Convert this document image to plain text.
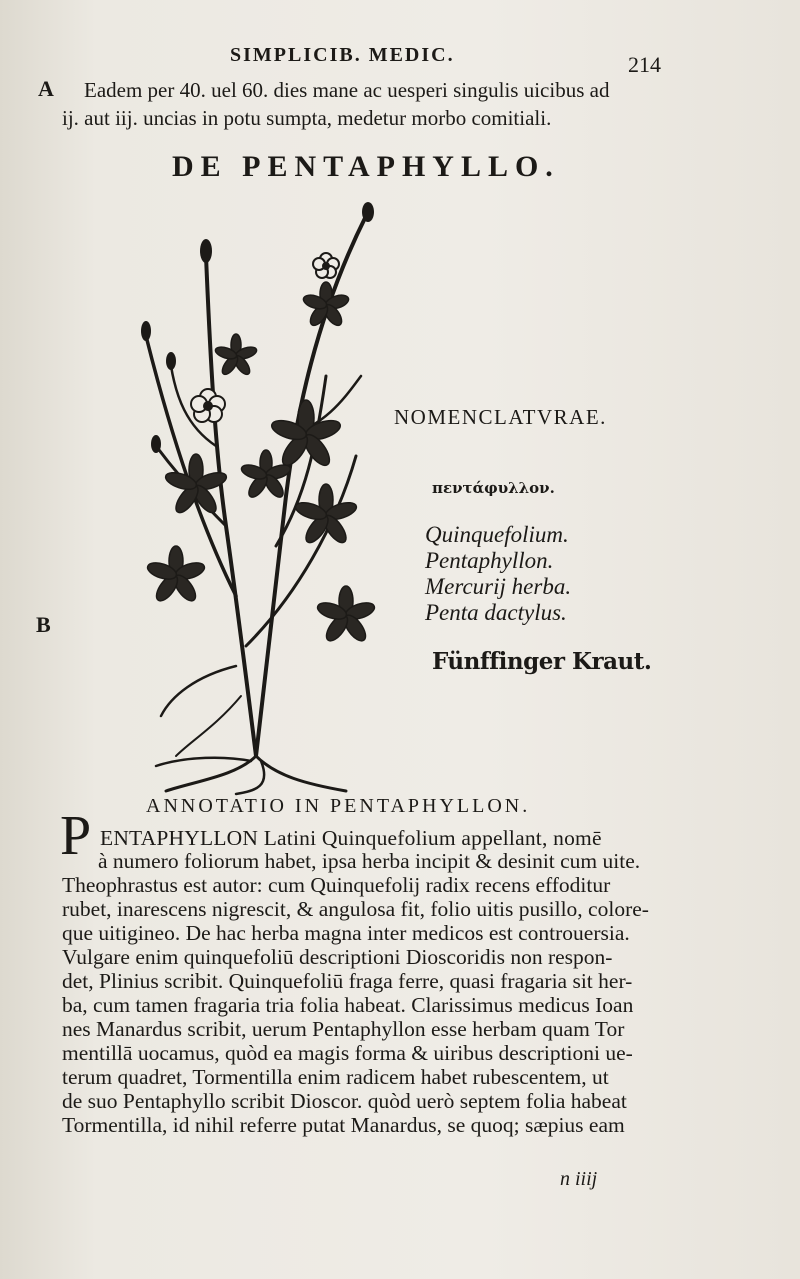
SIMPLICIB. MEDIC.	214
A
B
Eadem per 40. uel 60. dies mane ac uesperi singulis uicibus ad
ij. aut iij. uncias in potu sumpta, medetur morbo comitiali.
DE PENTAPHYLLO.
NOMENCLATVRAE.
πεντάφυλλον.
Quinquefolium.
Pentaphyllon.
Mercurij herba.
Penta dactylus.
Fünffinger Kraut.
ANNOTATIO IN PENTAPHYLLON.
P ENTAPHYLLON Latini Quinquefolium appellant, nomē
à numero foliorum habet, ipsa herba incipit & desinit cum uite.
Theophrastus est autor: cum Quinquefolij radix recens effoditur
rubet, inarescens nigrescit, & angulosa fit, folio uitis pusillo, colore-
que uitigineo. De hac herba magna inter medicos est controuersia.
Vulgare enim quinquefoliū descriptioni Dioscoridis non respon-
det, Plinius scribit. Quinquefoliū fraga ferre, quasi fragaria sit her-
ba, cum tamen fragaria tria folia habeat. Clarissimus medicus Ioan
nes Manardus scribit, uerum Pentaphyllon esse herbam quam Tor
mentillā uocamus, quòd ea magis forma & uiribus descriptioni ue-
terum quadret, Tormentilla enim radicem habet rubescentem, ut
de suo Pentaphyllo scribit Dioscor. quòd uerò septem folia habeat
Tormentilla, id nihil referre putat Manardus, se quoq; sæpius eam
n iiij
